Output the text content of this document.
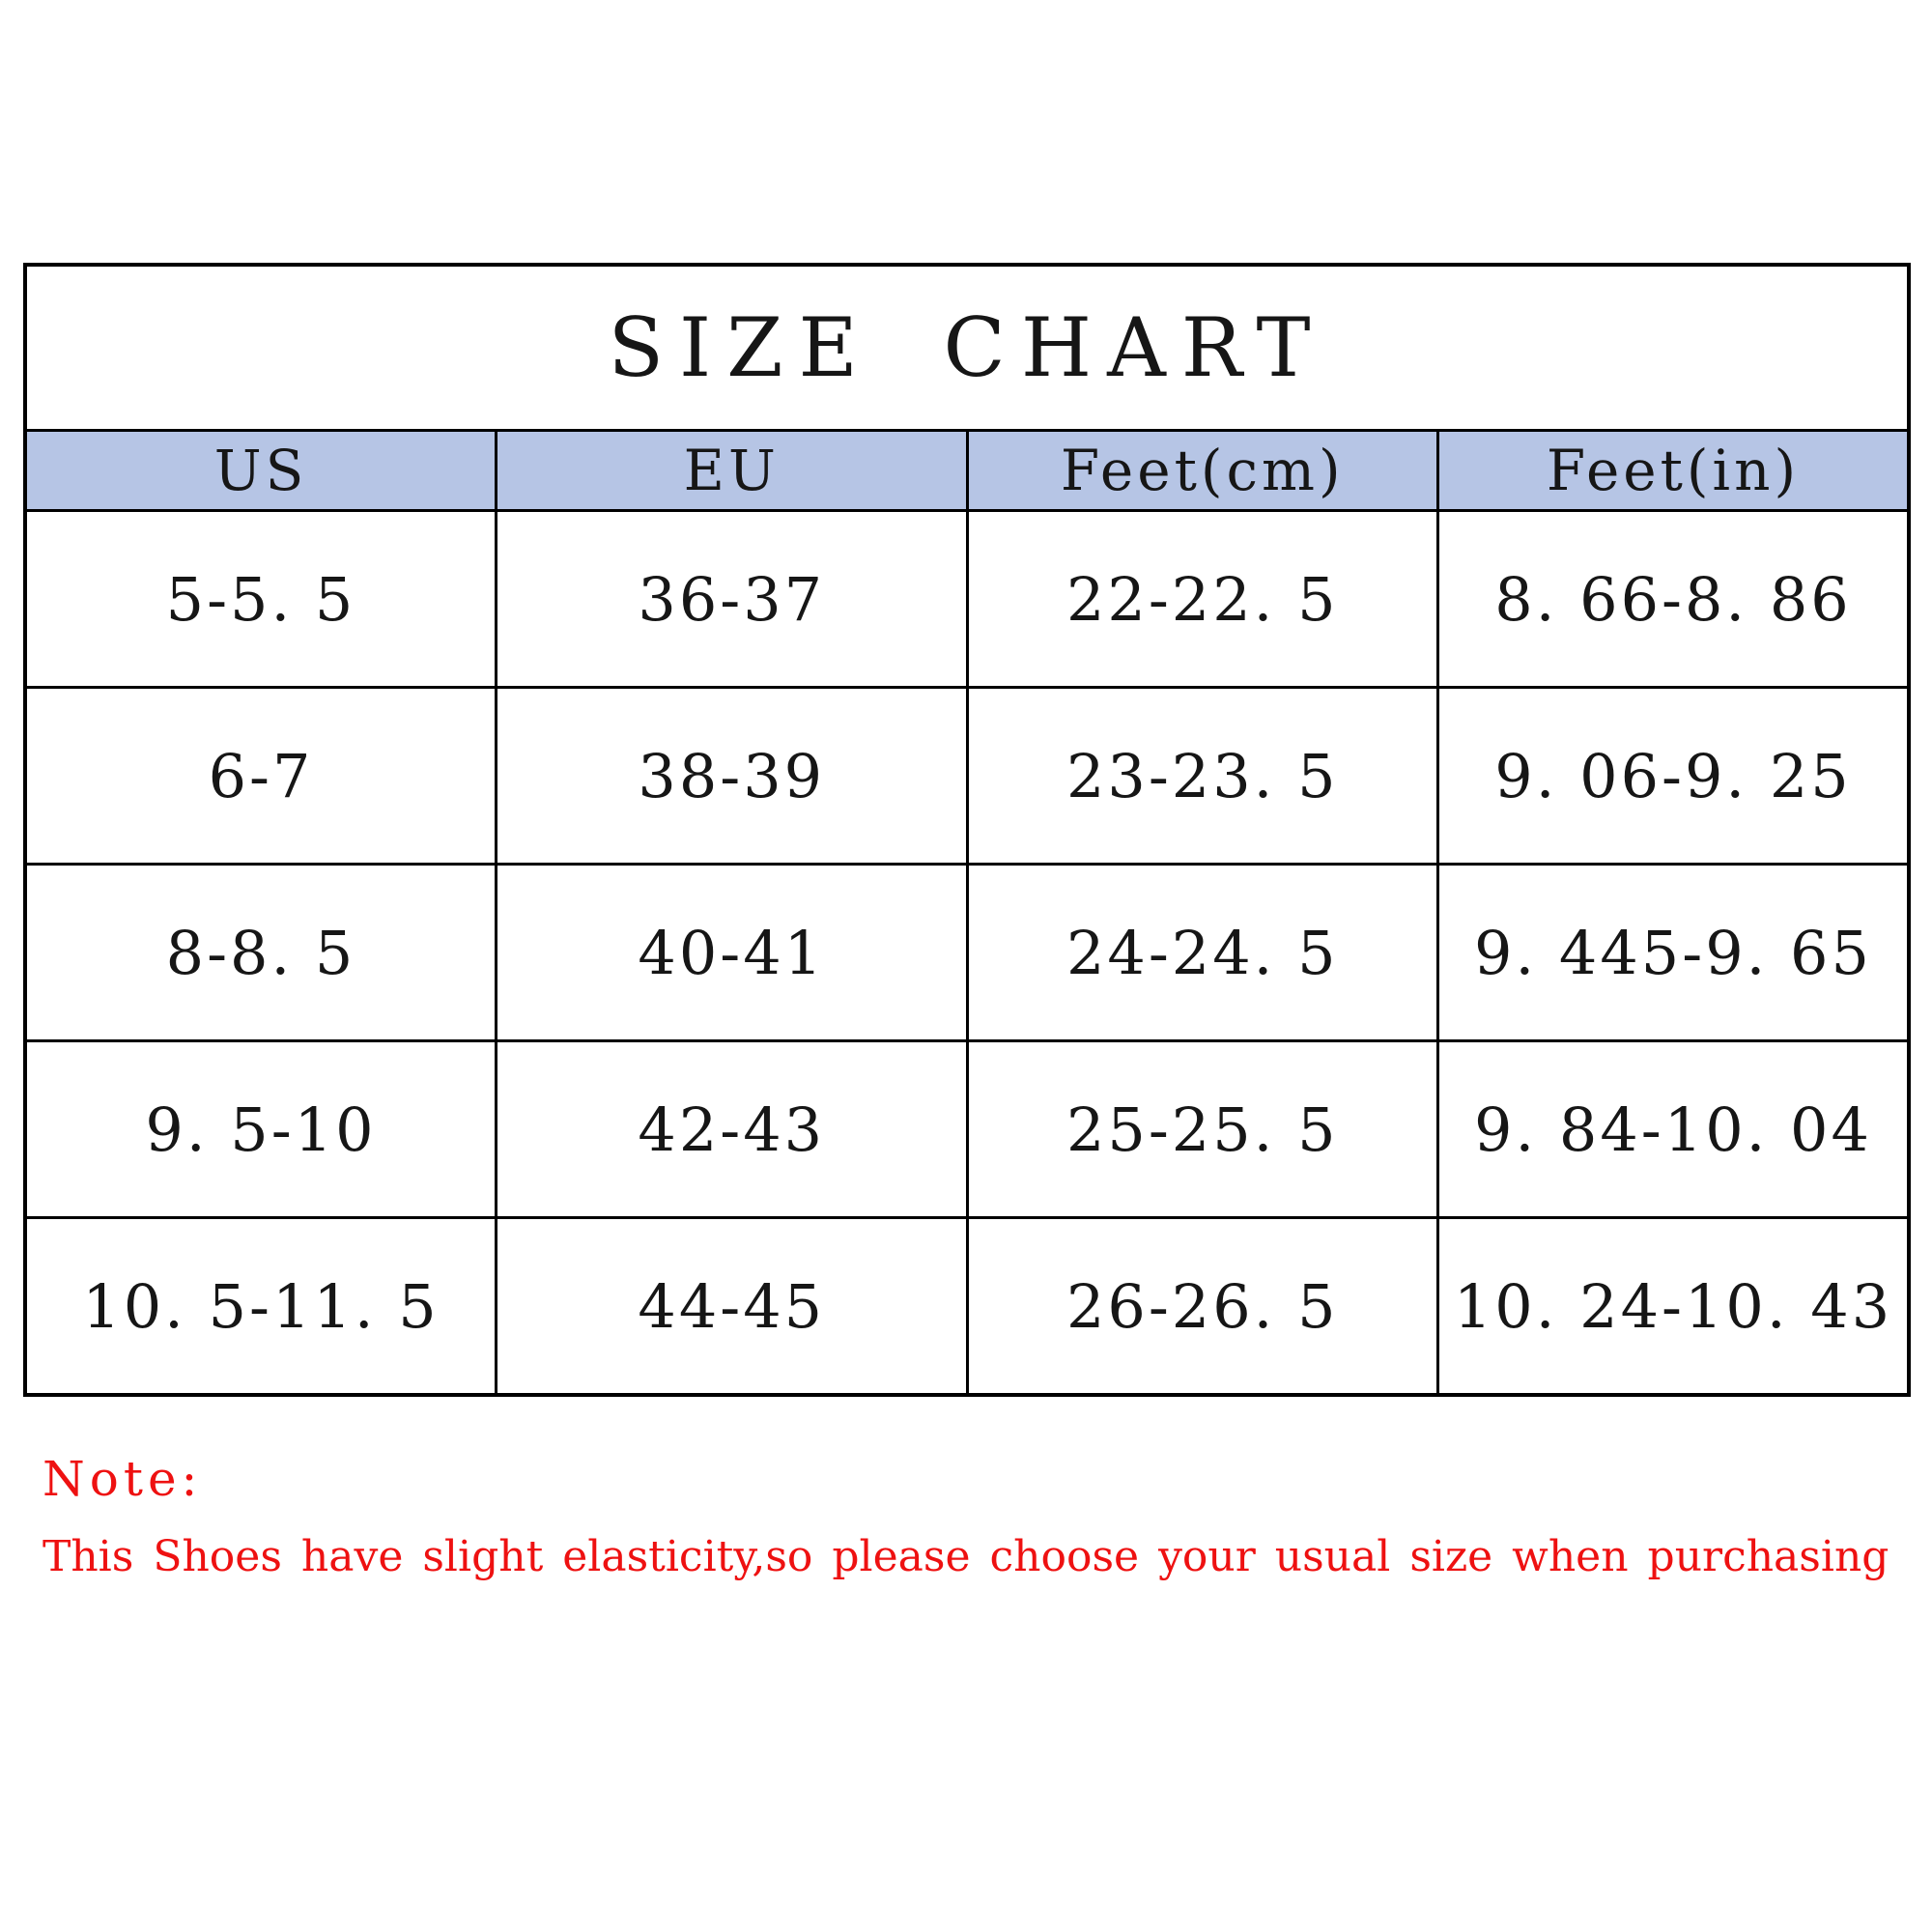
SIZE CHART			
US	EU	Feet(cm)	Feet(in)
5-5. 5	36-37	22-22. 5	8. 66-8. 86
6-7	38-39	23-23. 5	9. 06-9. 25
8-8. 5	40-41	24-24. 5	9. 445-9. 65
9. 5-10	42-43	25-25. 5	9. 84-10. 04
10. 5-11. 5	44-45	26-26. 5	10. 24-10. 43
Note:
This Shoes have slight elasticity,so please choose your usual size when purchasing
